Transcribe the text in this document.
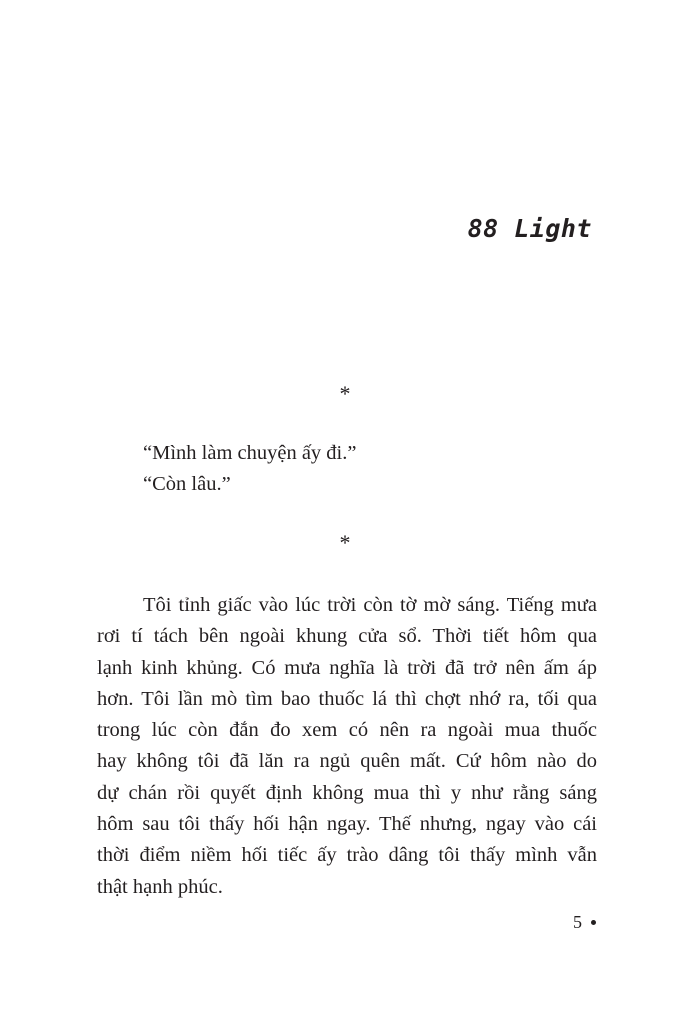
88 Light
*
“Mình làm chuyện ấy đi.”
“Còn lâu.”
*
Tôi tỉnh giấc vào lúc trời còn tờ mờ sáng. Tiếng mưa
rơi tí tách bên ngoài khung cửa sổ. Thời tiết hôm qua
lạnh kinh khủng. Có mưa nghĩa là trời đã trở nên ấm áp
hơn. Tôi lần mò tìm bao thuốc lá thì chợt nhớ ra, tối qua
trong lúc còn đắn đo xem có nên ra ngoài mua thuốc
hay không tôi đã lăn ra ngủ quên mất. Cứ hôm nào do
dự chán rồi quyết định không mua thì y như rằng sáng
hôm sau tôi thấy hối hận ngay. Thế nhưng, ngay vào cái
thời điểm niềm hối tiếc ấy trào dâng tôi thấy mình vẫn
thật hạnh phúc.
5
